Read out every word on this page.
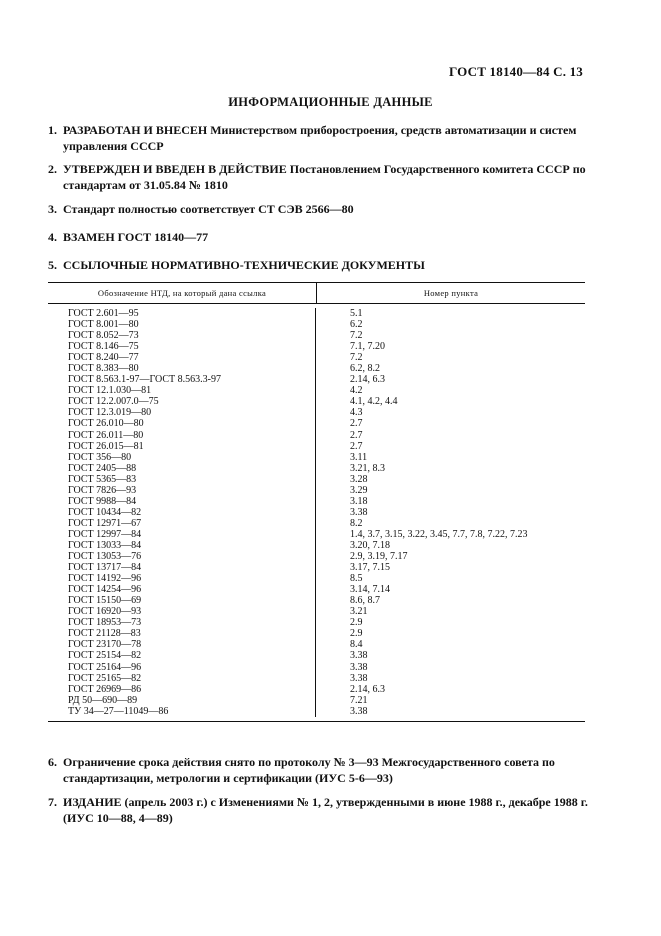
ГОСТ 18140—84 С. 13
ИНФОРМАЦИОННЫЕ ДАННЫЕ
1. РАЗРАБОТАН И ВНЕСЕН Министерством приборостроения, средств автоматизации и систем управления СССР
2. УТВЕРЖДЕН И ВВЕДЕН В ДЕЙСТВИЕ Постановлением Государственного комитета СССР по стандартам от 31.05.84 № 1810
3. Стандарт полностью соответствует СТ СЭВ 2566—80
4. ВЗАМЕН ГОСТ 18140—77
5. ССЫЛОЧНЫЕ НОРМАТИВНО-ТЕХНИЧЕСКИЕ ДОКУМЕНТЫ
Обозначение НТД, на который дана ссылка	Номер пункта
ГОСТ 2.601—95
ГОСТ 8.001—80
ГОСТ 8.052—73
ГОСТ 8.146—75
ГОСТ 8.240—77
ГОСТ 8.383—80
ГОСТ 8.563.1-97—ГОСТ 8.563.3-97
ГОСТ 12.1.030—81
ГОСТ 12.2.007.0—75
ГОСТ 12.3.019—80
ГОСТ 26.010—80
ГОСТ 26.011—80
ГОСТ 26.015—81
ГОСТ 356—80
ГОСТ 2405—88
ГОСТ 5365—83
ГОСТ 7826—93
ГОСТ 9988—84
ГОСТ 10434—82
ГОСТ 12971—67
ГОСТ 12997—84
ГОСТ 13033—84
ГОСТ 13053—76
ГОСТ 13717—84
ГОСТ 14192—96
ГОСТ 14254—96
ГОСТ 15150—69
ГОСТ 16920—93
ГОСТ 18953—73
ГОСТ 21128—83
ГОСТ 23170—78
ГОСТ 25154—82
ГОСТ 25164—96
ГОСТ 25165—82
ГОСТ 26969—86
РД 50—690—89
ТУ 34—27—11049—86
5.1
6.2
7.2
7.1, 7.20
7.2
6.2, 8.2
2.14, 6.3
4.2
4.1, 4.2, 4.4
4.3
2.7
2.7
2.7
3.11
3.21, 8.3
3.28
3.29
3.18
3.38
8.2
1.4, 3.7, 3.15, 3.22, 3.45, 7.7, 7.8, 7.22, 7.23
3.20, 7.18
2.9, 3.19, 7.17
3.17, 7.15
8.5
3.14, 7.14
8.6, 8.7
3.21
2.9
2.9
8.4
3.38
3.38
3.38
2.14, 6.3
7.21
3.38
6. Ограничение срока действия снято по протоколу № 3—93 Межгосударственного совета по стандартизации, метрологии и сертификации (ИУС 5-6—93)
7. ИЗДАНИЕ (апрель 2003 г.) с Изменениями № 1, 2, утвержденными в июне 1988 г., декабре 1988 г. (ИУС 10—88, 4—89)
